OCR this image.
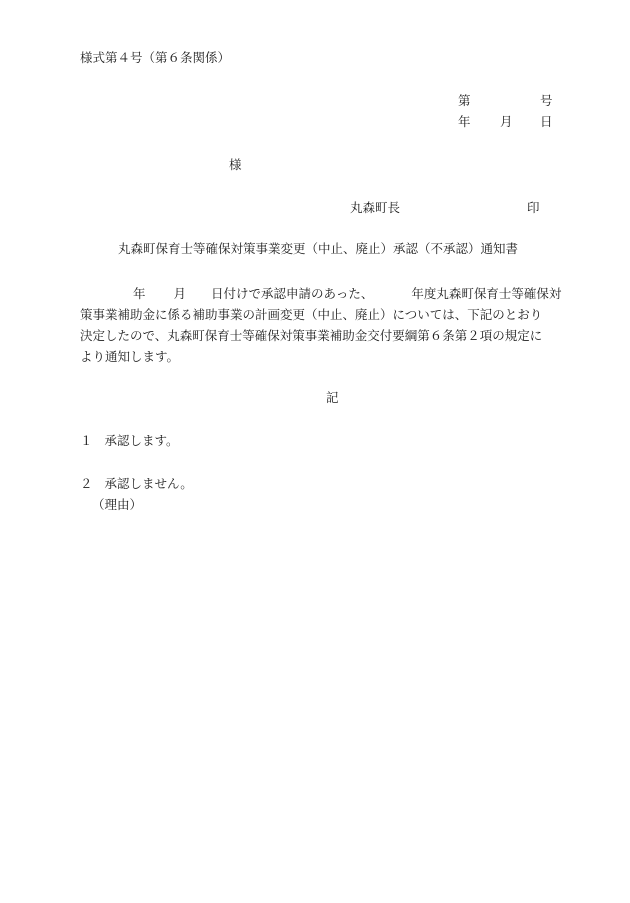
様式第４号（第６条関係）
第	号
年 月 日
様
丸森町長	印
丸森町保育士等確保対策事業変更（中止、廃止）承認（不承認）通知書
年 月 日付けで承認申請のあった、	年度丸森町保育士等確保対
策事業補助金に係る補助事業の計画変更（中止、廃止）については、下記のとおり
決定したので、丸森町保育士等確保対策事業補助金交付要綱第６条第２項の規定に
より通知します。
記
１ 承認します。
２ 承認しません。
（理由）
